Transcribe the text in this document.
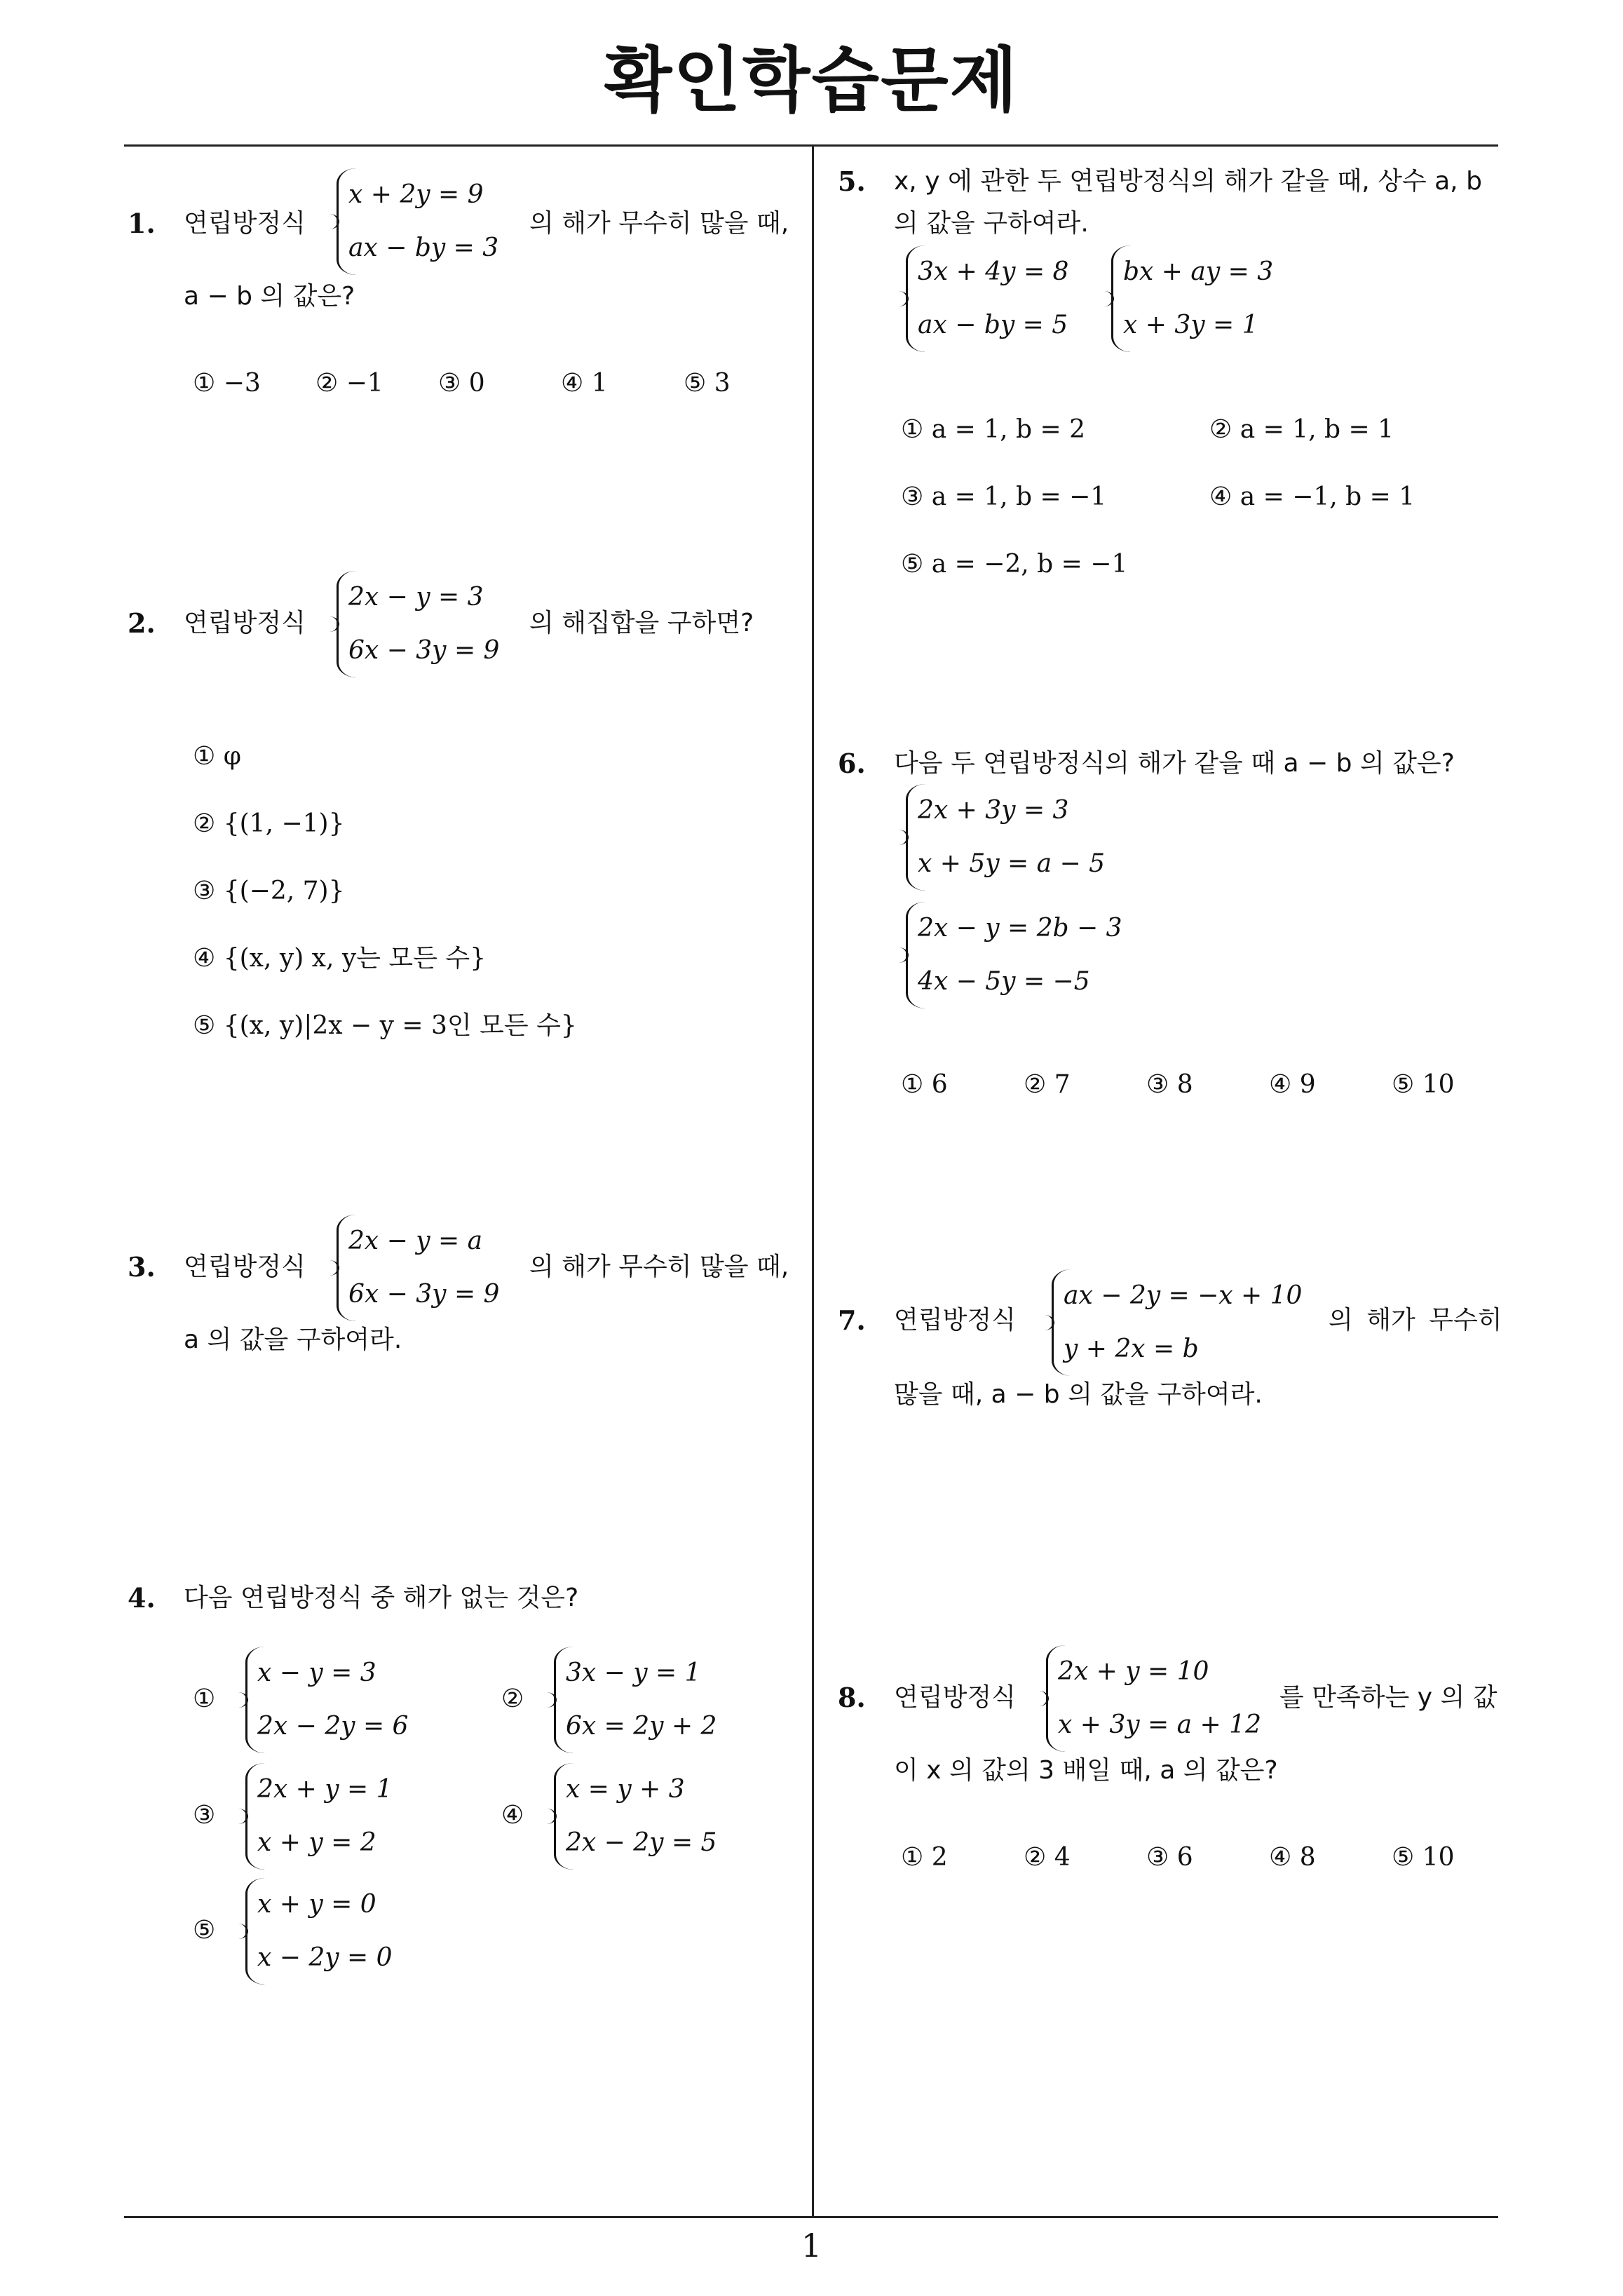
확인학습문제
1
1. 연립방정식
x + 2y = 9
ax − by = 3
의 해가 무수히 많을 때,
a − b 의 값은?
① −3 ② −1 ③ 0	④ 1	⑤ 3
2. 연립방정식
2x − y = 3
6x − 3y = 9
의 해집합을 구하면?
① φ
② {(1, −1)}
③ {(−2, 7)}
④ {(x, y) x, y는 모든 수}
⑤ {(x, y)|2x − y = 3인 모든 수}
3. 연립방정식
2x − y = a
6x − 3y = 9
의 해가 무수히 많을 때,
a 의 값을 구하여라.
4. 다음 연립방정식 중 해가 없는 것은?
①
x − y = 3
2x − 2y = 6
②
3x − y = 1
6x = 2y + 2
③
2x + y = 1
x + y = 2
④
x = y + 3
2x − 2y = 5
⑤
x + y = 0
x − 2y = 0
5. x, y 에 관한 두 연립방정식의 해가 같을 때, 상수 a, b
의 값을 구하여라.
3x + 4y = 8
ax − by = 5
bx + ay = 3
x + 3y = 1
① a = 1, b = 2	② a = 1, b = 1
③ a = 1, b = −1	④ a = −1, b = 1
⑤ a = −2, b = −1
6. 다음 두 연립방정식의 해가 같을 때 a − b 의 값은?
2x + 3y = 3
x + 5y = a − 5
2x − y = 2b − 3
4x − 5y = −5
① 6	② 7	③ 8	④ 9	⑤ 10
7. 연립방정식
ax − 2y = −x + 10
y + 2x = b
의 해가 무수히
많을 때, a − b 의 값을 구하여라.
8. 연립방정식
2x + y = 10
x + 3y = a + 12
를 만족하는 y 의 값
이 x 의 값의 3 배일 때, a 의 값은?
① 2	② 4	③ 6	④ 8	⑤ 10
